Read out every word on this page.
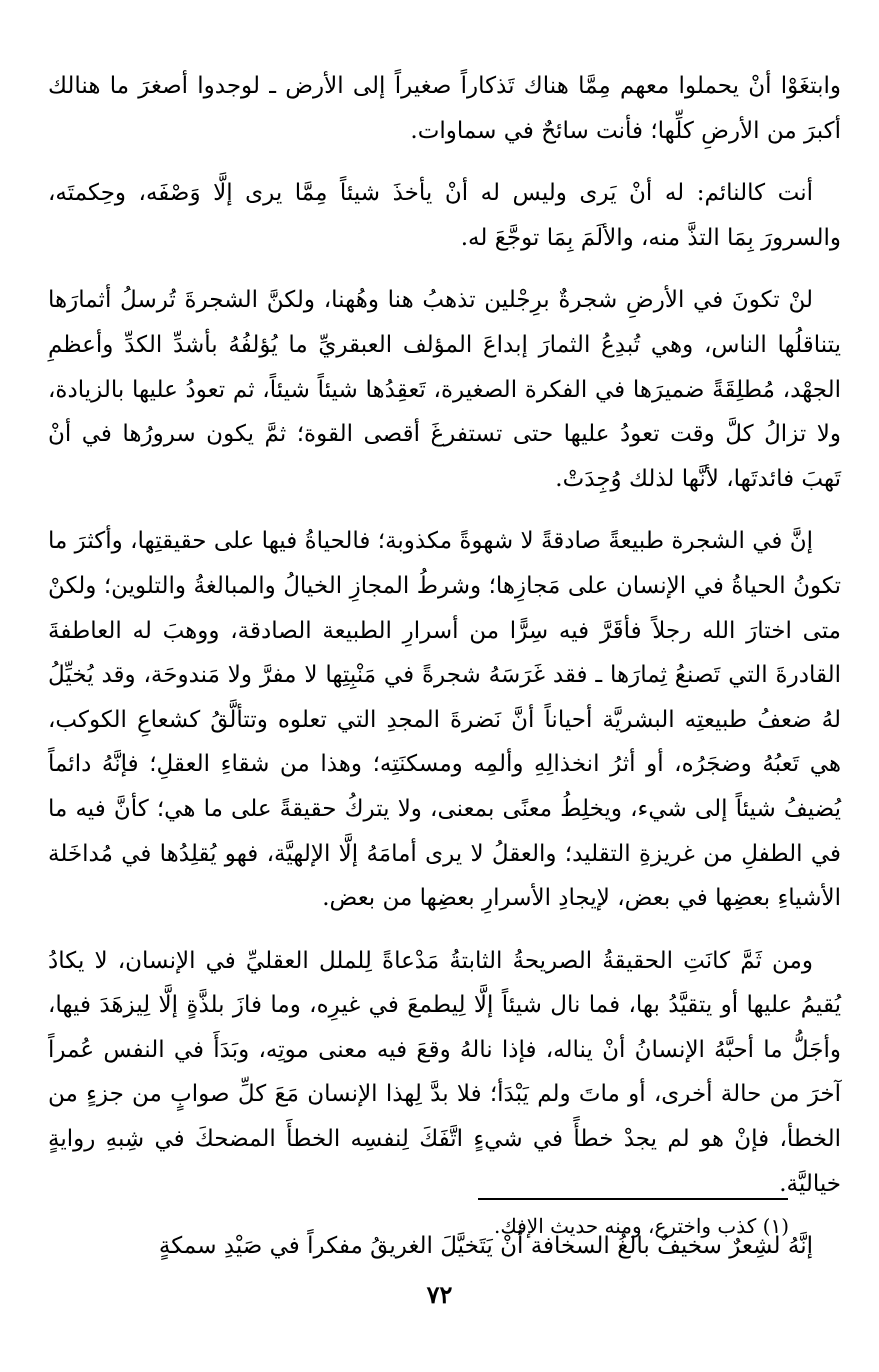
وابتغَوْا أنْ يحملوا معهم مِمَّا هناك تَذكاراً صغيراً إلى الأرض ـ لوجدوا أصغرَ ما هنالك أكبرَ من الأرضِ كلِّها؛ فأنت سائحٌ في سماوات.

أنت كالنائم: له أنْ يَرى وليس له أنْ يأخذَ شيئاً مِمَّا يرى إلَّا وَصْفَه، وحِكمتَه، والسرورَ بِمَا التذَّ منه، والألَمَ بِمَا توجَّعَ له.

لنْ تكونَ في الأرضِ شجرةٌ برِجْلين تذهبُ هنا وهُهنا، ولكنَّ الشجرةَ تُرسلُ أثمارَها يتناقلُها الناس، وهي تُبدِعُ الثمارَ إبداعَ المؤلف العبقريِّ ما يُؤلفُهُ بأشدِّ الكدِّ وأعظمِ الجهْد، مُطلِقَةً ضميرَها في الفكرة الصغيرة، تَعقِدُها شيئاً شيئاً، ثم تعودُ عليها بالزيادة، ولا تزالُ كلَّ وقت تعودُ عليها حتى تستفرغَ أقصى القوة؛ ثمَّ يكون سرورُها في أنْ تَهبَ فائدتَها، لأنَّها لذلك وُجِدَتْ.

إنَّ في الشجرة طبيعةً صادقةً لا شهوةً مكذوبة؛ فالحياةُ فيها على حقيقتِها، وأكثرَ ما تكونُ الحياةُ في الإنسان على مَجازِها؛ وشرطُ المجازِ الخيالُ والمبالغةُ والتلوين؛ ولكنْ متى اختارَ الله رجلاً فأقَرَّ فيه سِرًّا من أسرارِ الطبيعة الصادقة، ووهبَ له العاطفةَ القادرةَ التي تَصنعُ ثِمارَها ـ فقد غَرَسَهُ شجرةً في مَنْبِتِها لا مفرَّ ولا مَندوحَة، وقد يُخيِّلُ لهُ ضعفُ طبيعتِه البشريَّة أحياناً أنَّ نَضرةَ المجدِ التي تعلوه وتتألَّقُ كشعاعِ الكوكب، هي تَعبُهُ وضجَرُه، أو أثرُ انخذالِهِ وألمِه ومسكنَتِه؛ وهذا من شقاءِ العقلِ؛ فإنَّهُ دائماً يُضيفُ شيئاً إلى شيء، ويخلِطُ معنًى بمعنى، ولا يتركُ حقيقةً على ما هي؛ كأنَّ فيه ما في الطفلِ من غريزةِ التقليد؛ والعقلُ لا يرى أمامَهُ إلَّا الإلهيَّة، فهو يُقلِدُها في مُداخَلة الأشياءِ بعضِها في بعض، لإيجادِ الأسرارِ بعضِها من بعض.

ومن ثَمَّ كانَتِ الحقيقةُ الصريحةُ الثابتةُ مَدْعاةً لِلملل العقليِّ في الإنسان، لا يكادُ يُقيمُ عليها أو يتقيَّدُ بها، فما نال شيئاً إلَّا لِيطمعَ في غيرِه، وما فازَ بلذَّةٍ إلَّا لِيزهَدَ فيها، وأجَلُّ ما أحبَّهُ الإنسانُ أنْ يناله، فإذا نالهُ وقعَ فيه معنى موتِه، وبَدَأَ في النفس عُمراً آخرَ من حالة أخرى، أو ماتَ ولم يَبْدَأ؛ فلا بدَّ لِهذا الإنسان مَعَ كلِّ صوابٍ من جزءٍ من الخطأ، فإنْ هو لم يجدْ خطأً في شيءٍ اتَّفَكَ لِنفسِه الخطأَ المضحكَ في شِبهِ روايةٍ خياليَّة.

إنَّهُ لشِعرٌ سخيفٌ بالغُ السخافة أنْ يَتَخيَّلَ الغريقُ مفكراً في صَيْدِ سمكةٍ

(١) كذب واخترع، ومنه حديث الإفك.
٧٢
